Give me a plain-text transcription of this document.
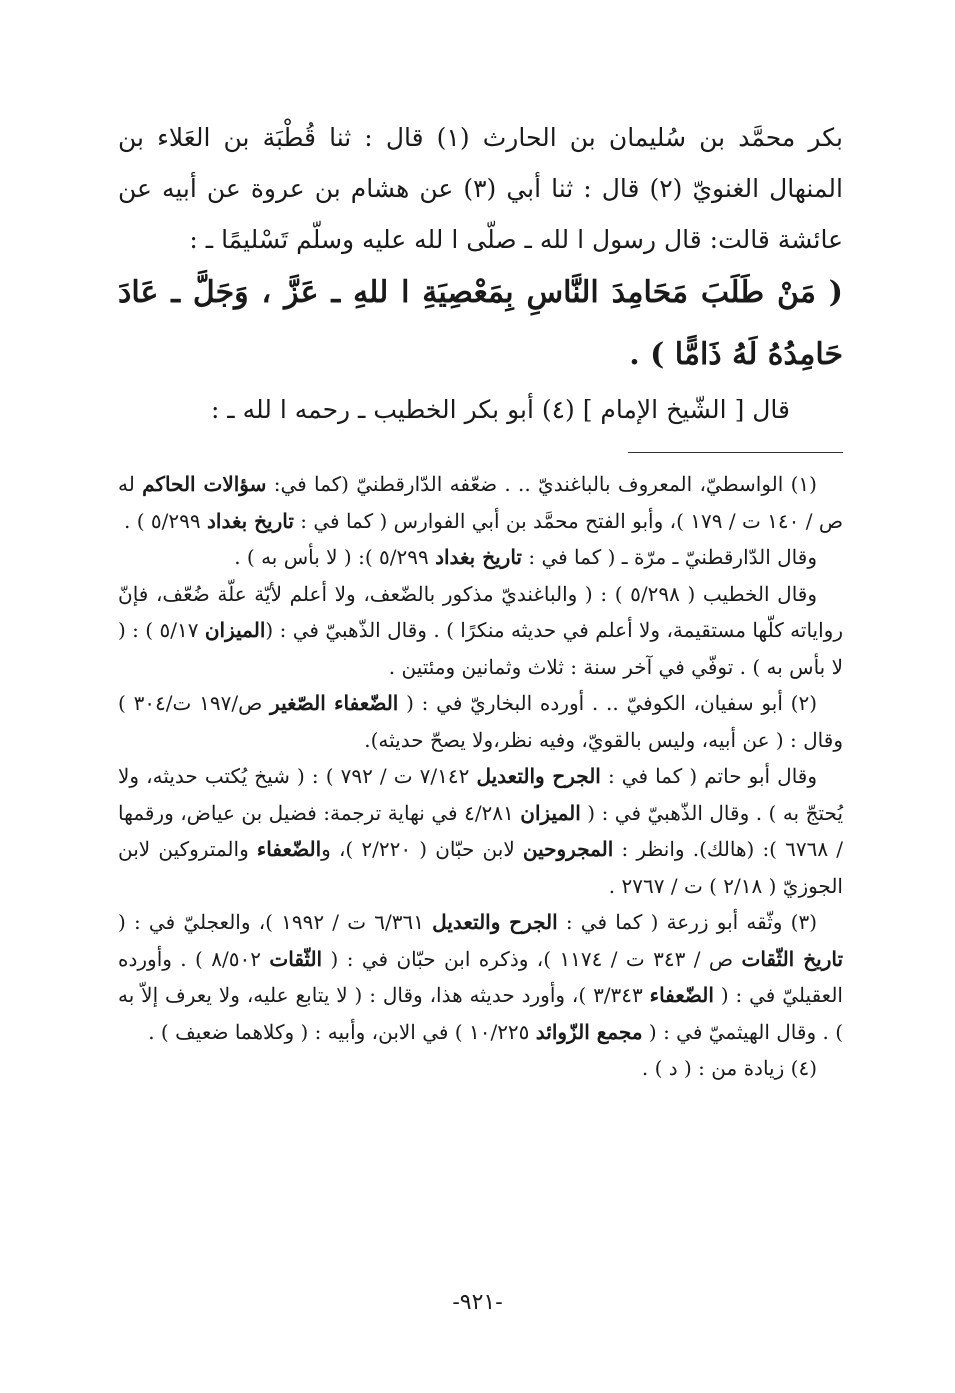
بكر محمَّد بن سُليمان بن الحارث (١) قال : ثنا قُطْبَة بن العَلاء بن المنهال الغنويّ (٢) قال : ثنا أبي (٣) عن هشام بن عروة عن أبيه عن عائشة قالت: قال رسول ا لله ـ صلّى ا لله عليه وسلّم تَسْليمًا ـ :

( مَنْ طَلَبَ مَحَامِدَ النَّاسِ بِمَعْصِيَةِ ا للهِ ـ عَزَّ ، وَجَلَّ ـ عَادَ حَامِدُهُ لَهُ ذَامًّا ) .
قال [ الشّيخ الإمام ] (٤) أبو بكر الخطيب ـ رحمه ا لله ـ :

(١) الواسطيّ، المعروف بالباغنديّ .. . ضعّفه الدّارقطنيّ (كما في: سؤالات الحاكم له ص / ١٤٠ ت / ١٧٩ )، وأبو الفتح محمَّد بن أبي الفوارس ( كما في : تاريخ بغداد ٥/٢٩٩ ) .

وقال الدّارقطنيّ ـ مرّة ـ ( كما في : تاريخ بغداد ٥/٢٩٩ ): ( لا بأس به ) .

وقال الخطيب ( ٥/٢٩٨ ) : ( والباغنديّ مذكور بالضّعف، ولا أعلم لأيّة علّة ضُعّف، فإنّ رواياته كلّها مستقيمة، ولا أعلم في حديثه منكرًا ) . وقال الذّهبيّ في : (الميزان ٥/١٧ ) : ( لا بأس به ) . توفّي في آخر سنة : ثلاث وثمانين ومئتين .

(٢) أبو سفيان، الكوفيّ .. . أورده البخاريّ في : ( الضّعفاء الصّغير ص/١٩٧ ت/٣٠٤ ) وقال : ( عن أبيه، وليس بالقويّ، وفيه نظر،ولا يصحّ حديثه).

وقال أبو حاتم ( كما في : الجرح والتعديل ٧/١٤٢ ت / ٧٩٢ ) : ( شيخ يُكتب حديثه، ولا يُحتجّ به ) . وقال الذّهبيّ في : ( الميزان ٤/٢٨١ في نهاية ترجمة: فضيل بن عياض، ورقمها / ٦٧٦٨ ): (هالك). وانظر : المجروحين لابن حبّان ( ٢/٢٢٠ )، والضّعفاء والمتروكين لابن الجوزيّ ( ٢/١٨ ) ت / ٢٧٦٧ .

(٣) وثّقه أبو زرعة ( كما في : الجرح والتعديل ٦/٣٦١ ت / ١٩٩٢ )، والعجليّ في : ( تاريخ الثّقات ص / ٣٤٣ ت / ١١٧٤ )، وذكره ابن حبّان في : ( الثّقات ٨/٥٠٢ ) . وأورده العقيليّ في : ( الضّعفاء ٣/٣٤٣ )، وأورد حديثه هذا، وقال : ( لا يتابع عليه، ولا يعرف إلاّ به ) . وقال الهيثميّ في : ( مجمع الزّوائد ١٠/٢٢٥ ) في الابن، وأبيه : ( وكلاهما ضعيف ) .

(٤) زيادة من : ( د ) .

-٩٢١-
